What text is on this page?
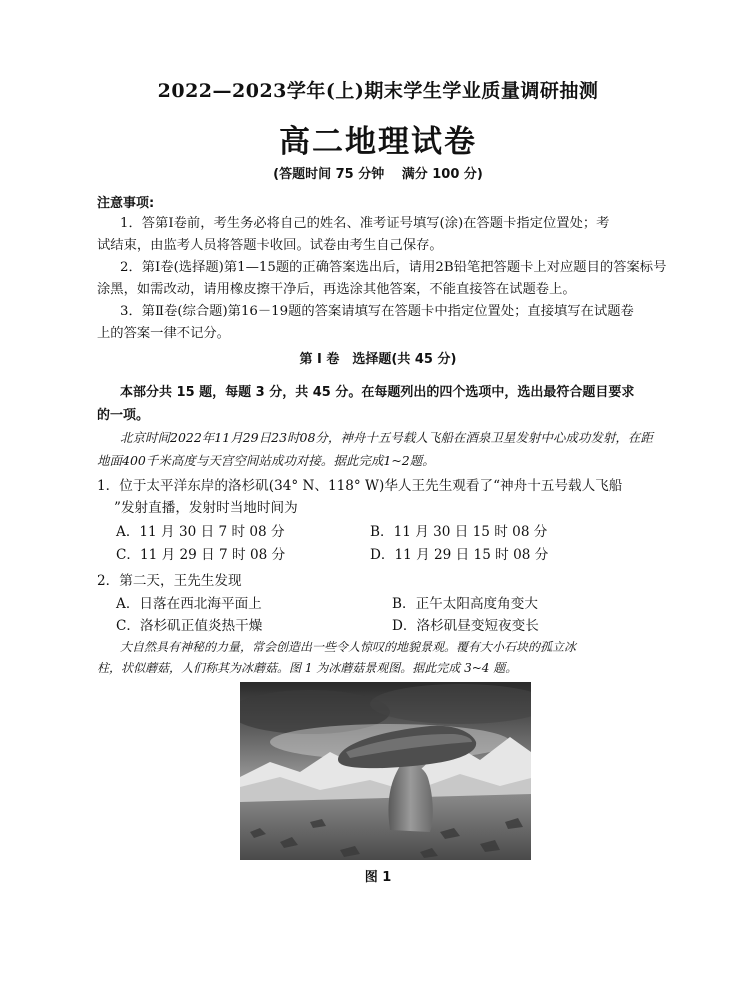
2022—2023学年(上)期末学生学业质量调研抽测
高二地理试卷
(答题时间 75 分钟　 满分 100 分)
注意事项:
1．答第Ⅰ卷前，考生务必将自己的姓名、准考证号填写(涂)在答题卡指定位置处；考
试结束，由监考人员将答题卡收回。试卷由考生自己保存。
2．第Ⅰ卷(选择题)第1—15题的正确答案选出后，请用2B铅笔把答题卡上对应题目的答案标号
涂黑，如需改动，请用橡皮擦干净后，再选涂其他答案，不能直接答在试题卷上。
3．第Ⅱ卷(综合题)第16－19题的答案请填写在答题卡中指定位置处；直接填写在试题卷
上的答案一律不记分。
第 Ⅰ 卷　选择题(共 45 分)
本部分共 15 题，每题 3 分，共 45 分。在每题列出的四个选项中，选出最符合题目要求
的一项。
北京时间2022年11月29日23时08分，神舟十五号载人飞船在酒泉卫星发射中心成功发射，在距
地面400千米高度与天宫空间站成功对接。据此完成1~2题。
1．位于太平洋东岸的洛杉矶(34° N、118° W)华人王先生观看了“神舟十五号载人飞船
”发射直播，发射时当地时间为
A．11 月 30 日 7 时 08 分	B．11 月 30 日 15 时 08 分
C．11 月 29 日 7 时 08 分	D．11 月 29 日 15 时 08 分
2．第二天，王先生发现
A．日落在西北海平面上	B．正午太阳高度角变大
C．洛杉矶正值炎热干燥	D．洛杉矶昼变短夜变长
大自然具有神秘的力量，常会创造出一些令人惊叹的地貌景观。覆有大小石块的孤立冰
柱，状似蘑菇，人们称其为冰蘑菇。图 1 为冰蘑菇景观图。据此完成 3~4 题。
图 1
